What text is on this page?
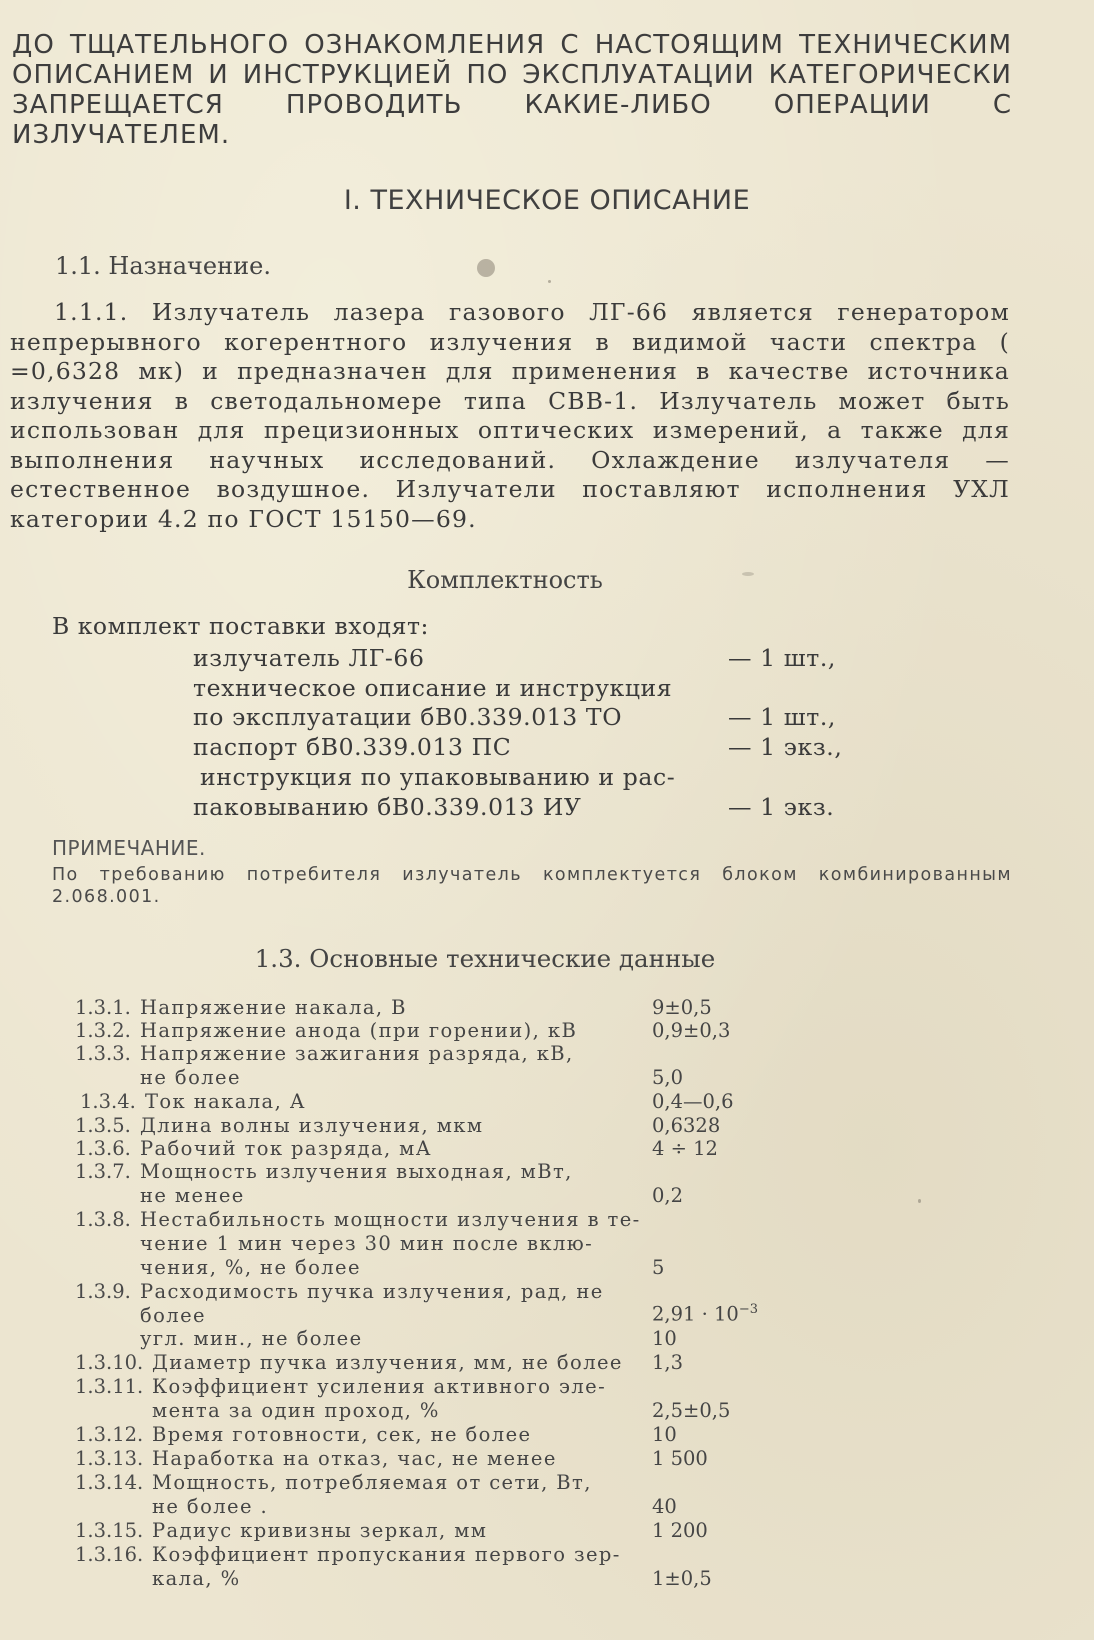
ДО ТЩАТЕЛЬНОГО ОЗНАКОМЛЕНИЯ С НАСТОЯЩИМ ТЕХНИЧЕСКИМ ОПИСАНИЕМ И ИНСТРУКЦИЕЙ ПО ЭКСПЛУАТАЦИИ КАТЕГОРИЧЕСКИ ЗАПРЕЩАЕТСЯ ПРОВОДИТЬ КАКИЕ-ЛИБО ОПЕРАЦИИ С ИЗЛУЧАТЕЛЕМ.
I. ТЕХНИЧЕСКОЕ ОПИСАНИЕ
1.1. Назначение.
1.1.1. Излучатель лазера газового ЛГ-66 является генератором непрерывного когерентного излучения в видимой части спектра ( =0,6328 мк) и предназначен для применения в качестве источника излучения в светодальномере типа СВВ-1. Излучатель может быть использован для прецизионных оптических измерений, а также для выполнения научных исследований. Охлаждение излучателя — естественное воздушное. Излучатели поставляют исполнения УХЛ категории 4.2 по ГОСТ 15150—69.
Комплектность
В комплект поставки входят:
излучатель ЛГ-66	— 1 шт.,
техническое описание и инструкция
по эксплуатации бВ0.339.013 ТО	— 1 шт.,
паспорт бВ0.339.013 ПС	— 1 экз.,
инструкция по упаковыванию и рас-
паковыванию бВ0.339.013 ИУ	— 1 экз.
ПРИМЕЧАНИЕ.
По требованию потребителя излучатель комплектуется блоком комбинированным 2.068.001.
1.3. Основные технические данные
1.3.1. Напряжение накала, В	9±0,5
1.3.2. Напряжение анода (при горении), кВ	0,9±0,3
1.3.3. Напряжение зажигания разряда, кВ,
не более	5,0
1.3.4. Ток накала, А	0,4—0,6
1.3.5. Длина волны излучения, мкм	0,6328
1.3.6. Рабочий ток разряда, мА	4 ÷ 12
1.3.7. Мощность излучения выходная, мВт,
не менее	0,2
1.3.8. Нестабильность мощности излучения в те-
чение 1 мин через 30 мин после вклю-
чения, %, не более	5
1.3.9. Расходимость пучка излучения, рад, не
более	$2,91 \cdot 10^{-3}$
угл. мин., не более	10
1.3.10. Диаметр пучка излучения, мм, не более 1,3
1.3.11. Коэффициент усиления активного эле-
мента за один проход, %	2,5±0,5
1.3.12. Время готовности, сек, не более	10
1.3.13. Наработка на отказ, час, не менее	1 500
1.3.14. Мощность, потребляемая от сети, Вт,
не более .	40
1.3.15. Радиус кривизны зеркал, мм	1 200
1.3.16. Коэффициент пропускания первого зер-
кала, %	1±0,5
